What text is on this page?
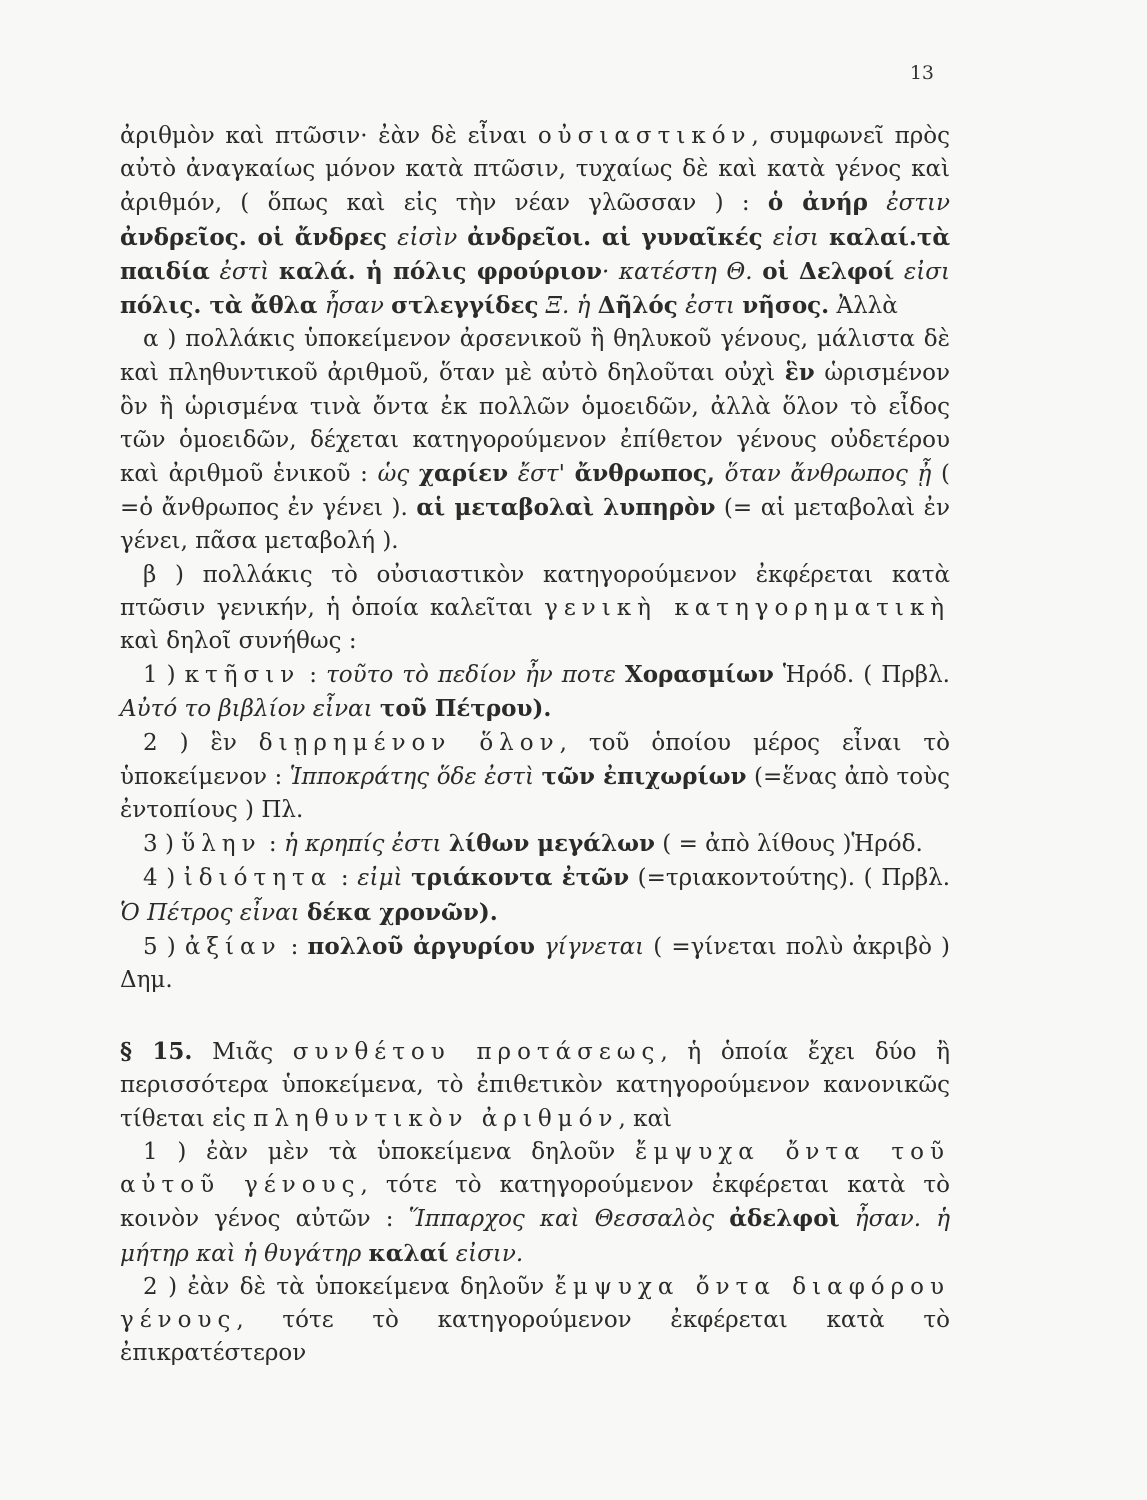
13

ἀριθμὸν καὶ πτῶσιν· ἐὰν δὲ εἶναι οὐσιαστικόν, συμφωνεῖ πρὸς αὐτὸ ἀναγκαίως μόνον κατὰ πτῶσιν, τυχαίως δὲ καὶ κατὰ γένος καὶ ἀριθμόν, ( ὅπως καὶ εἰς τὴν νέαν γλῶσσαν ) : ὁ ἀνήρ ἐστιν ἀνδρεῖος. οἱ ἄνδρες εἰσὶν ἀνδρεῖοι. αἱ γυναῖκές εἰσι καλαί.τὰ παιδία ἐστὶ καλά. ἡ πόλις φρούριον· κατέστη Θ. οἱ Δελφοί εἰσι πόλις. τὰ ἄθλα ἦσαν στλεγγίδες Ξ. ἡ Δῆλός ἐστι νῆσος. Ἀλλὰ

 α ) πολλάκις ὑποκείμενον ἀρσενικοῦ ἢ θηλυκοῦ γένους, μάλιστα δὲ καὶ πληθυντικοῦ ἀριθμοῦ, ὅταν μὲ αὐτὸ δηλοῦται οὐχὶ ἓν ὡρισμένον ὂν ἢ ὡρισμένα τινὰ ὄντα ἐκ πολλῶν ὁμοειδῶν, ἀλλὰ ὅλον τὸ εἶδος τῶν ὁμοειδῶν, δέχεται κατηγορούμενον ἐπίθετον γένους οὐδετέρου καὶ ἀριθμοῦ ἑνικοῦ : ὡς χαρίεν ἔστ' ἄνθρωπος, ὅταν ἄνθρωπος ᾖ ( =ὁ ἄνθρωπος ἐν γένει ). αἱ μεταβολαὶ λυπηρὸν (= αἱ μεταβολαὶ ἐν γένει, πᾶσα μεταβολή ).

 β ) πολλάκις τὸ οὐσιαστικὸν κατηγορούμενον ἐκφέρεται κατὰ πτῶσιν γενικήν, ἡ ὁποία καλεῖται γενικὴ κατηγορηματικὴ καὶ δηλοῖ συνήθως :

 1 ) κτῆσιν : τοῦτο τὸ πεδίον ἦν ποτε Χορασμίων Ἡρόδ. ( Πρβλ. Αὐτό το βιβλίον εἶναι τοῦ Πέτρου).

 2 ) ἓν διῃρημένον ὅλον, τοῦ ὁποίου μέρος εἶναι τὸ ὑποκείμενον : Ἱπποκράτης ὅδε ἐστὶ τῶν ἐπιχωρίων (=ἕνας ἀπὸ τοὺς ἐντοπίους ) Πλ.

 3 ) ὕλην : ἡ κρηπίς ἐστι λίθων μεγάλων ( = ἀπὸ λίθους )Ἡρόδ.

 4 ) ἰδιότητα : εἰμὶ τριάκοντα ἐτῶν (=τριακοντούτης). ( Πρβλ. Ὁ Πέτρος εἶναι δέκα χρονῶν).

 5 ) ἀξίαν : πολλοῦ ἀργυρίου γίγνεται ( =γίνεται πολὺ ἀκριβὸ ) Δημ.

§ 15. Μιᾶς συνθέτου προτάσεως, ἡ ὁποία ἔχει δύο ἢ περισσότερα ὑποκείμενα, τὸ ἐπιθετικὸν κατηγορούμενον κανονικῶς τίθεται εἰς πληθυντικὸν ἀριθμόν, καὶ

 1 ) ἐὰν μὲν τὰ ὑποκείμενα δηλοῦν ἔμψυχα ὄντα τοῦ αὐτοῦ γένους, τότε τὸ κατηγορούμενον ἐκφέρεται κατὰ τὸ κοινὸν γένος αὐτῶν : Ἵππαρχος καὶ Θεσσαλὸς ἀδελφοὶ ἦσαν. ἡ μήτηρ καὶ ἡ θυγάτηρ καλαί εἰσιν.

 2 ) ἐὰν δὲ τὰ ὑποκείμενα δηλοῦν ἔμψυχα ὄντα διαφόρου γένους, τότε τὸ κατηγορούμενον ἐκφέρεται κατὰ τὸ ἐπικρατέστερον
